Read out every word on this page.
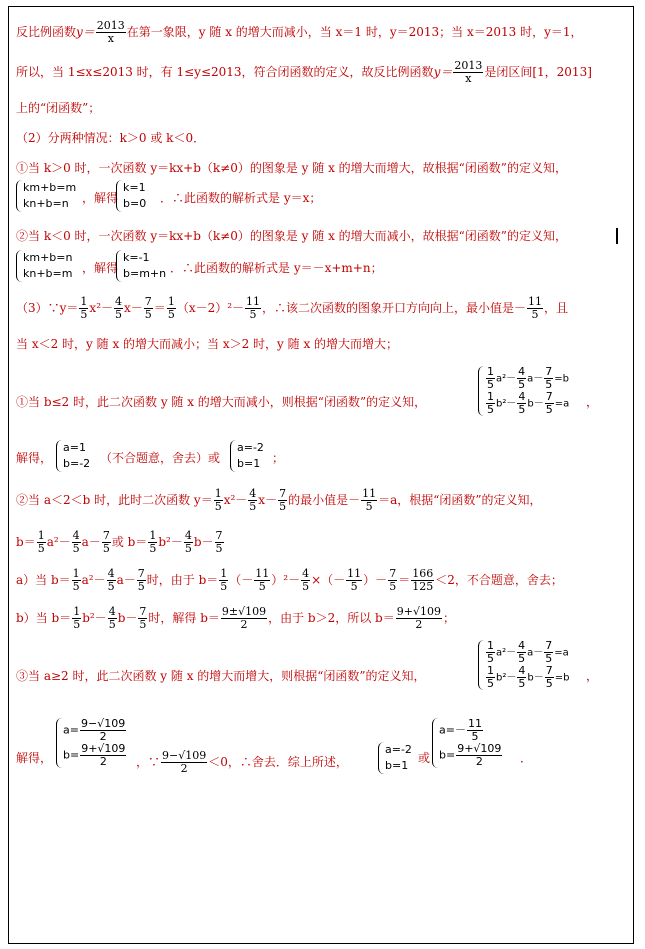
反比例函数$y= \frac{2013}{x}$ 在第一象限，y 随 x 的增大而减小，当 x＝1 时，y＝2013；当 x＝2013 时，y＝1，
所以，当 1≤x≤2013 时，有 1≤y≤2013，符合闭函数的定义，故反比例函数$y= \frac{2013}{x}$ 是闭区间[1，2013]
上的“闭函数”；
（2）分两种情况：k＞0 或 k＜0．
①当 k＞0 时，一次函数 y＝kx+b（k≠0）的图象是 y 随 x 的增大而增大，故根据“闭函数”的定义知，
km+b=m
kn+b=n	，解得
k=1
b=0 ．∴此函数的解析式是 y＝x；
②当 k＜0 时，一次函数 y＝kx+b（k≠0）的图象是 y 随 x 的增大而减小，故根据“闭函数”的定义知，
km+b=n
kn+b=m ，解得
k=-1
b=m+n ．∴此函数的解析式是 y＝－x+m+n；
（3）∵y＝ $\frac{1}{5} x^2- \frac{4}{5} x- \frac{7}{5} = \frac{1}{5} (x-2)^2- \frac{11}{5}$ ，∴该二次函数的图象开口方向向上，最小值是－ $\frac{11}{5}$ ，且
当 x＜2 时，y 随 x 的增大而减小；当 x＞2 时，y 随 x 的增大而增大；
①当 b≤2 时，此二次函数 y 随 x 的增大而减小，则根据“闭函数”的定义知，
$\frac{1}{5} a^2- \frac{4}{5} a- \frac{7}{5} =b$
$\frac{1}{5} b^2- \frac{4}{5} b- \frac{7}{5} =a$ ，
解得，
a=1
b=-2 （不合题意，舍去）或
a=-2
b=1 ；
②当 a＜2＜b 时，此时二次函数 $y= \frac{1}{5} x^2- \frac{4}{5} x- \frac{7}{5}$ 的最小值是－ $\frac{11}{5} =a$，根据“闭函数”的定义知，
$b= \frac{1}{5} a^2- \frac{4}{5} a- \frac{7}{5}$ 或 $b= \frac{1}{5} b^2- \frac{4}{5} b- \frac{7}{5}$
a）当 $b= \frac{1}{5} a^2- \frac{4}{5} a- \frac{7}{5}$ 时，由于 $b= \frac{1}{5}$ （－ $\frac{11}{5} )^2- \frac{4}{5}$ ×（－ $\frac{11}{5}$ ）－ $\frac{7}{5} = \frac{166}{125} <2$，不合题意，舍去；
b）当 $b= \frac{1}{5} b^2- \frac{4}{5} b- \frac{7}{5}$ 时，解得 $b= \frac{9\pm√109}{2}$ ，由于 b＞2，所以 $b= \frac{9+√109}{2}$ ；
③当 a≥2 时，此二次函数 y 随 x 的增大而增大，则根据“闭函数”的定义知，
$\frac{1}{5} a^2- \frac{4}{5} a- \frac{7}{5} =a$
$\frac{1}{5} b^2- \frac{4}{5} b- \frac{7}{5} =b$ ，
解得，
$a= \frac{9-√109}{2}$
$b= \frac{9+√109}{2}$ ，∵ $\frac{9-√109}{2} <0$，∴舍去．综上所述，
a=-2
b=1
或
$a=- \frac{11}{5}$
$b= \frac{9+√109}{2}$ ．
